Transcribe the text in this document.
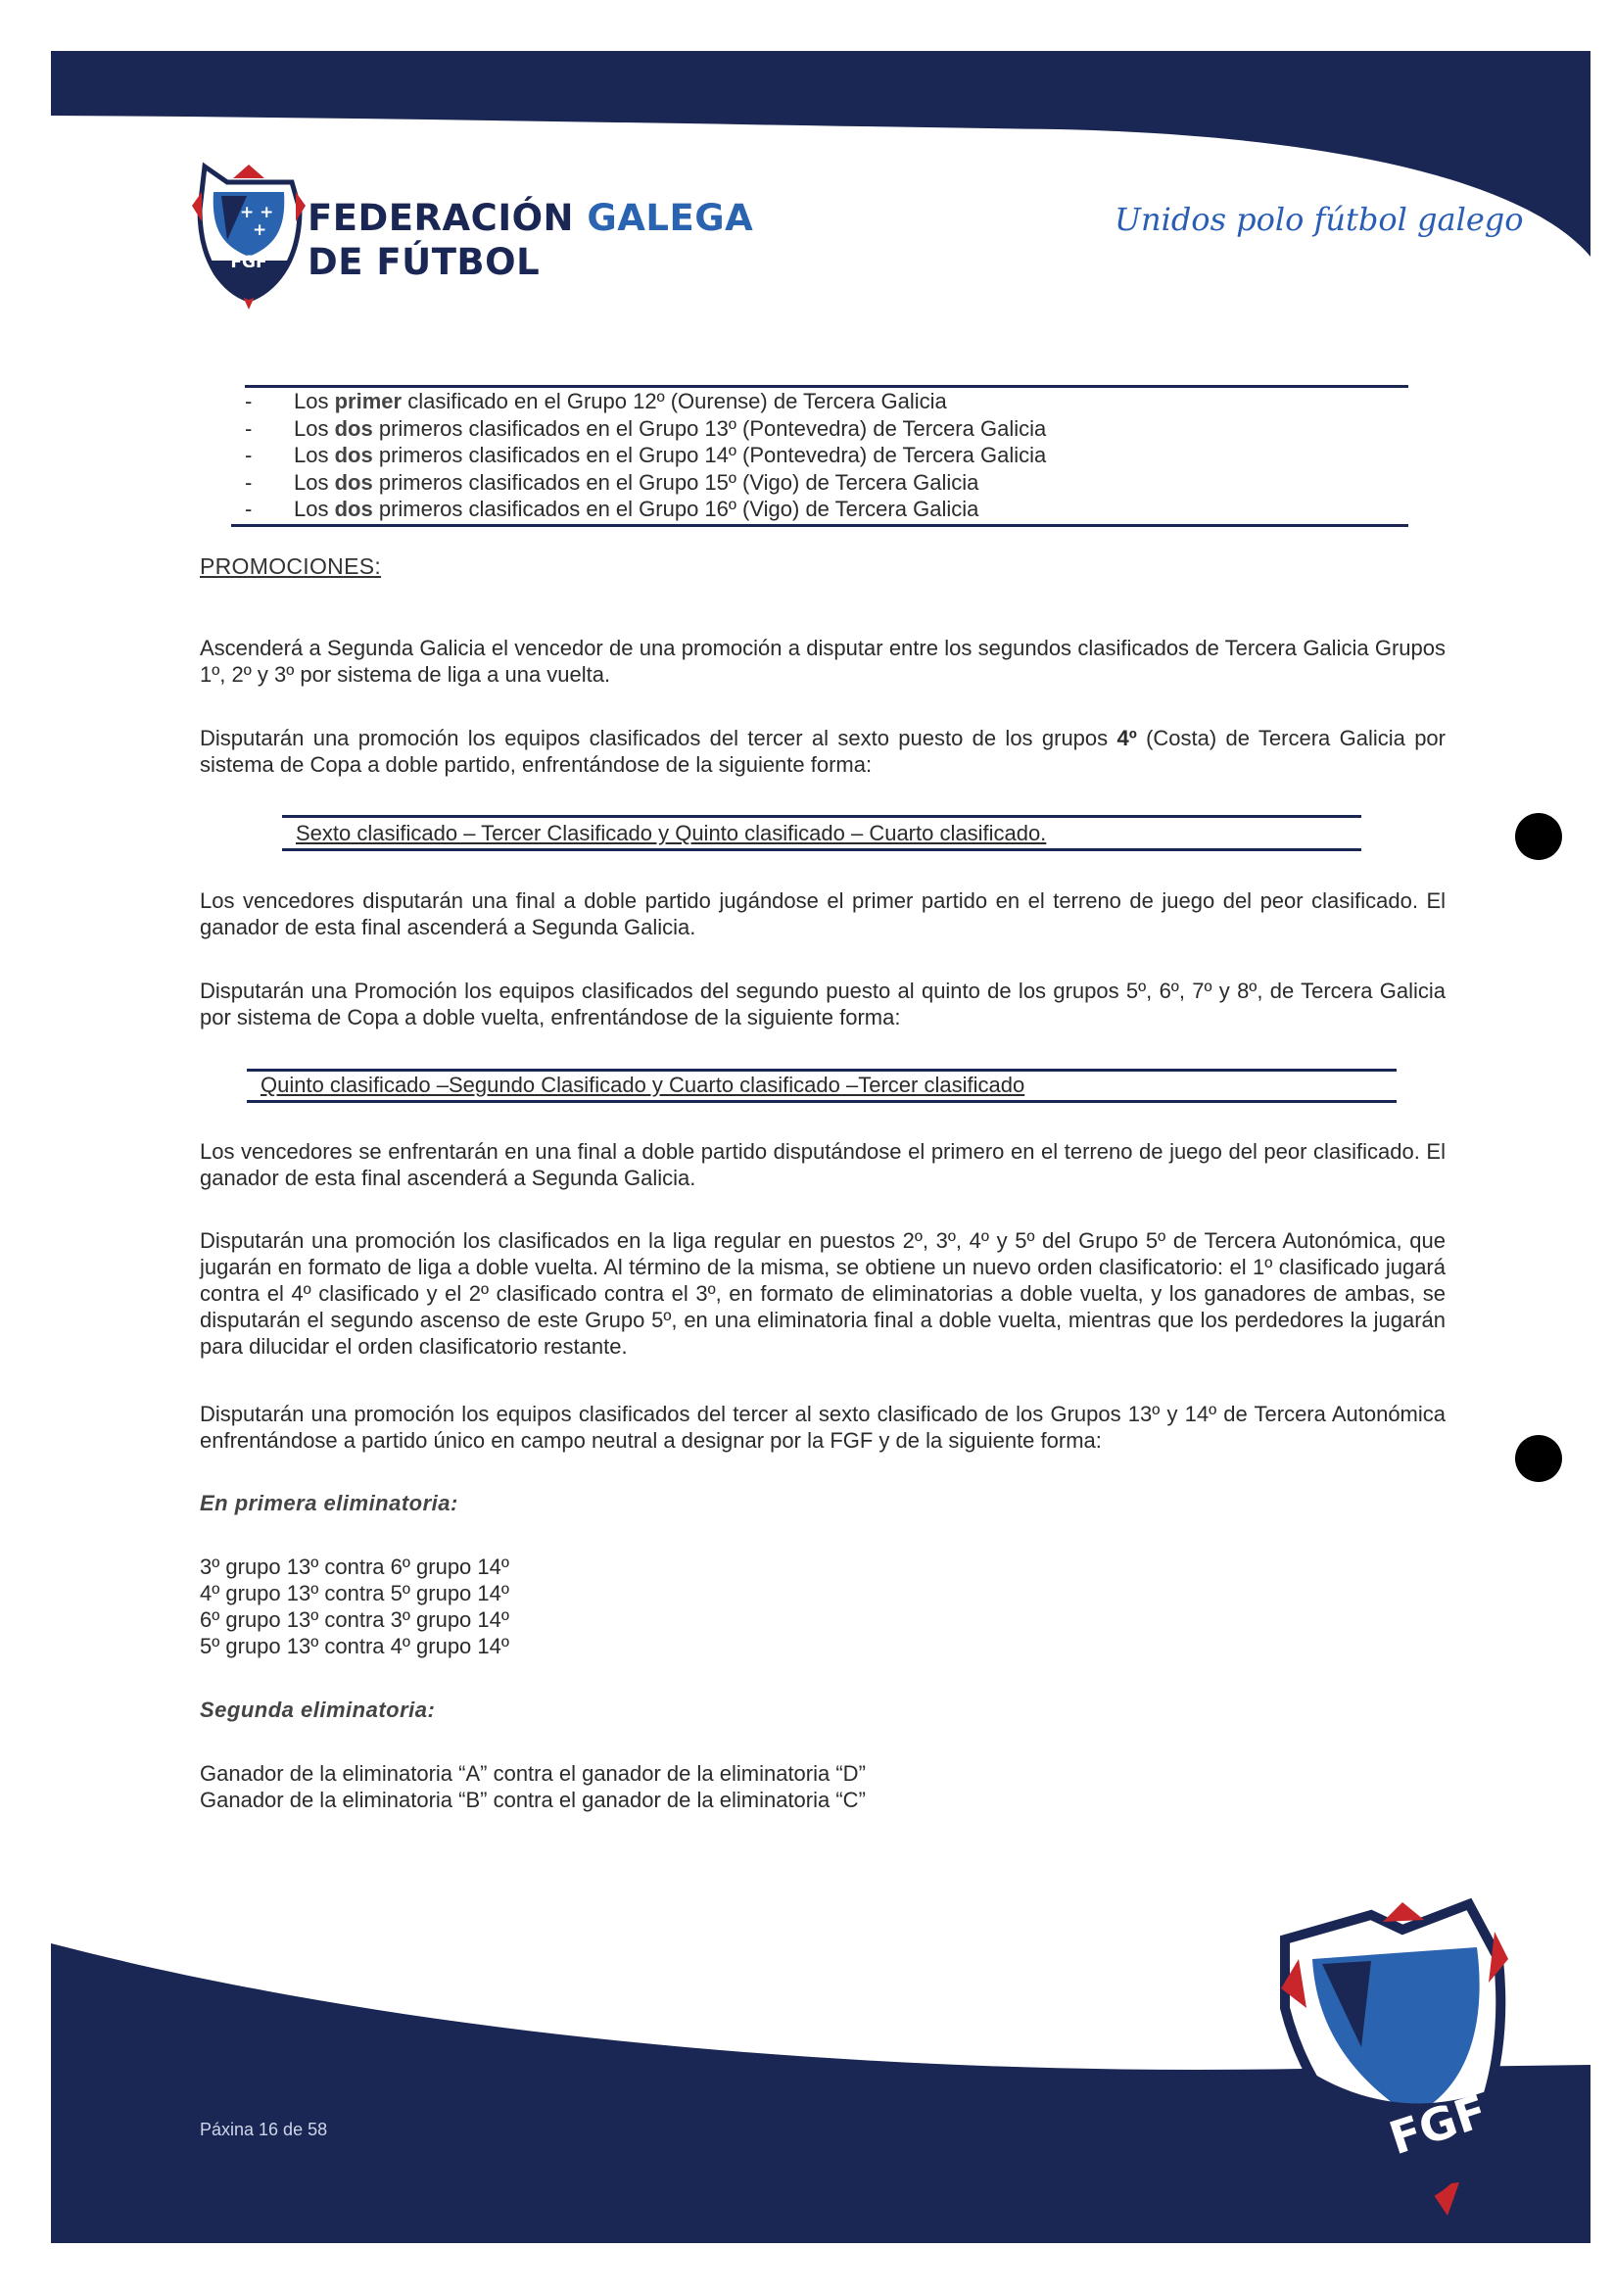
+ +
+
FGF
FEDERACIÓN GALEGA
DE FÚTBOL
Unidos polo fútbol galego
- Los primer clasificado en el Grupo 12º (Ourense) de Tercera Galicia
- Los dos primeros clasificados en el Grupo 13º (Pontevedra) de Tercera Galicia
- Los dos primeros clasificados en el Grupo 14º (Pontevedra) de Tercera Galicia
- Los dos primeros clasificados en el Grupo 15º (Vigo) de Tercera Galicia
- Los dos primeros clasificados en el Grupo 16º (Vigo) de Tercera Galicia
PROMOCIONES:
Ascenderá a Segunda Galicia el vencedor de una promoción a disputar entre los segundos clasificados de Tercera Galicia Grupos 1º, 2º y 3º por sistema de liga a una vuelta.
Disputarán una promoción los equipos clasificados del tercer al sexto puesto de los grupos 4º (Costa) de Tercera Galicia por sistema de Copa a doble partido, enfrentándose de la siguiente forma:
Sexto clasificado – Tercer Clasificado y Quinto clasificado – Cuarto clasificado.
Los vencedores disputarán una final a doble partido jugándose el primer partido en el terreno de juego del peor clasificado. El ganador de esta final ascenderá a Segunda Galicia.
Disputarán una Promoción los equipos clasificados del segundo puesto al quinto de los grupos 5º, 6º, 7º y 8º, de Tercera Galicia por sistema de Copa a doble vuelta, enfrentándose de la siguiente forma:
Quinto clasificado –Segundo Clasificado y Cuarto clasificado –Tercer clasificado
Los vencedores se enfrentarán en una final a doble partido disputándose el primero en el terreno de juego del peor clasificado. El ganador de esta final ascenderá a Segunda Galicia.
Disputarán una promoción los clasificados en la liga regular en puestos 2º, 3º, 4º y 5º del Grupo 5º de Tercera Autonómica, que jugarán en formato de liga a doble vuelta. Al término de la misma, se obtiene un nuevo orden clasificatorio: el 1º clasificado jugará contra el 4º clasificado y el 2º clasificado contra el 3º, en formato de eliminatorias a doble vuelta, y los ganadores de ambas, se disputarán el segundo ascenso de este Grupo 5º, en una eliminatoria final a doble vuelta, mientras que los perdedores la jugarán para dilucidar el orden clasificatorio restante.
Disputarán una promoción los equipos clasificados del tercer al sexto clasificado de los Grupos 13º y 14º de Tercera Autonómica enfrentándose a partido único en campo neutral a designar por la FGF y de la siguiente forma:
En primera eliminatoria:
3º grupo 13º contra 6º grupo 14º
4º grupo 13º contra 5º grupo 14º
6º grupo 13º contra 3º grupo 14º
5º grupo 13º contra 4º grupo 14º
Segunda eliminatoria:
Ganador de la eliminatoria “A” contra el ganador de la eliminatoria “D”
Ganador de la eliminatoria “B” contra el ganador de la eliminatoria “C”
Páxina 16 de 58	FGF
